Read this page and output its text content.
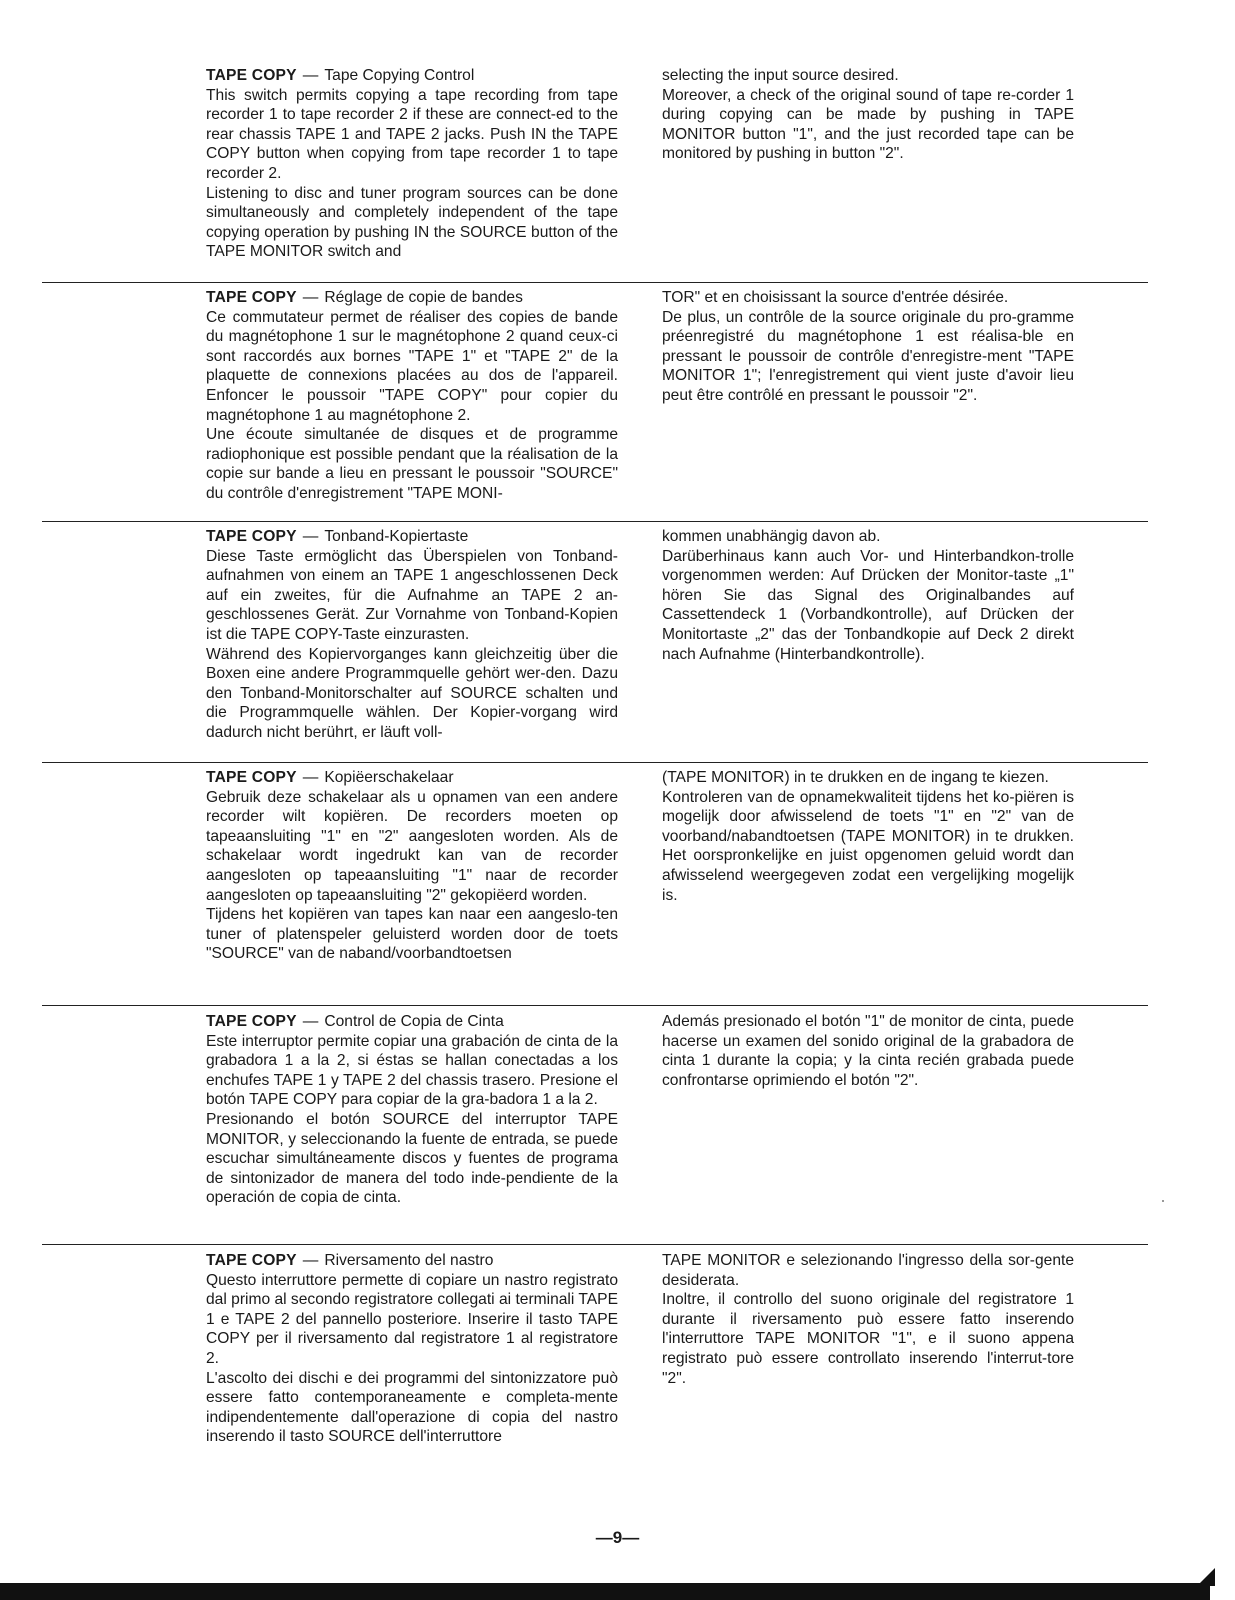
TAPE COPY — Tape Copying Control

This switch permits copying a tape recording from tape recorder 1 to tape recorder 2 if these are connect-ed to the rear chassis TAPE 1 and TAPE 2 jacks. Push IN the TAPE COPY button when copying from tape recorder 1 to tape recorder 2.

Listening to disc and tuner program sources can be done simultaneously and completely independent of the tape copying operation by pushing IN the SOURCE button of the TAPE MONITOR switch and

selecting the input source desired.

Moreover, a check of the original sound of tape re-corder 1 during copying can be made by pushing in TAPE MONITOR button "1", and the just recorded tape can be monitored by pushing in button "2".

TAPE COPY — Réglage de copie de bandes

Ce commutateur permet de réaliser des copies de bande du magnétophone 1 sur le magnétophone 2 quand ceux-ci sont raccordés aux bornes "TAPE 1" et "TAPE 2" de la plaquette de connexions placées au dos de l'appareil. Enfoncer le poussoir "TAPE COPY" pour copier du magnétophone 1 au magnétophone 2.

Une écoute simultanée de disques et de programme radiophonique est possible pendant que la réalisation de la copie sur bande a lieu en pressant le poussoir "SOURCE" du contrôle d'enregistrement "TAPE MONI-

TOR" et en choisissant la source d'entrée désirée.

De plus, un contrôle de la source originale du pro-gramme préenregistré du magnétophone 1 est réalisa-ble en pressant le poussoir de contrôle d'enregistre-ment "TAPE MONITOR 1"; l'enregistrement qui vient juste d'avoir lieu peut être contrôlé en pressant le poussoir "2".

TAPE COPY — Tonband-Kopiertaste

Diese Taste ermöglicht das Überspielen von Tonband-aufnahmen von einem an TAPE 1 angeschlossenen Deck auf ein zweites, für die Aufnahme an TAPE 2 an-geschlossenes Gerät. Zur Vornahme von Tonband-Kopien ist die TAPE COPY-Taste einzurasten.

Während des Kopiervorganges kann gleichzeitig über die Boxen eine andere Programmquelle gehört wer-den. Dazu den Tonband-Monitorschalter auf SOURCE schalten und die Programmquelle wählen. Der Kopier-vorgang wird dadurch nicht berührt, er läuft voll-

kommen unabhängig davon ab.

Darüberhinaus kann auch Vor- und Hinterbandkon-trolle vorgenommen werden: Auf Drücken der Monitor-taste „1" hören Sie das Signal des Originalbandes auf Cassettendeck 1 (Vorbandkontrolle), auf Drücken der Monitortaste „2" das der Tonbandkopie auf Deck 2 direkt nach Aufnahme (Hinterbandkontrolle).

TAPE COPY — Kopiëerschakelaar

Gebruik deze schakelaar als u opnamen van een andere recorder wilt kopiëren. De recorders moeten op tapeaansluiting "1" en "2" aangesloten worden. Als de schakelaar wordt ingedrukt kan van de recorder aangesloten op tapeaansluiting "1" naar de recorder aangesloten op tapeaansluiting "2" gekopiëerd worden.

Tijdens het kopiëren van tapes kan naar een aangeslo-ten tuner of platenspeler geluisterd worden door de toets "SOURCE" van de naband/voorbandtoetsen

(TAPE MONITOR) in te drukken en de ingang te kiezen.

Kontroleren van de opnamekwaliteit tijdens het ko-piëren is mogelijk door afwisselend de toets "1" en "2" van de voorband/nabandtoetsen (TAPE MONITOR) in te drukken. Het oorspronkelijke en juist opgenomen geluid wordt dan afwisselend weergegeven zodat een vergelijking mogelijk is.

TAPE COPY — Control de Copia de Cinta

Este interruptor permite copiar una grabación de cinta de la grabadora 1 a la 2, si éstas se hallan conectadas a los enchufes TAPE 1 y TAPE 2 del chassis trasero. Presione el botón TAPE COPY para copiar de la gra-badora 1 a la 2.

Presionando el botón SOURCE del interruptor TAPE MONITOR, y seleccionando la fuente de entrada, se puede escuchar simultáneamente discos y fuentes de programa de sintonizador de manera del todo inde-pendiente de la operación de copia de cinta.

Además presionado el botón "1" de monitor de cinta, puede hacerse un examen del sonido original de la grabadora de cinta 1 durante la copia; y la cinta recién grabada puede confrontarse oprimiendo el botón "2".

TAPE COPY — Riversamento del nastro

Questo interruttore permette di copiare un nastro registrato dal primo al secondo registratore collegati ai terminali TAPE 1 e TAPE 2 del pannello posteriore. Inserire il tasto TAPE COPY per il riversamento dal registratore 1 al registratore 2.

L'ascolto dei dischi e dei programmi del sintonizzatore può essere fatto contemporaneamente e completa-mente indipendentemente dall'operazione di copia del nastro inserendo il tasto SOURCE dell'interruttore

TAPE MONITOR e selezionando l'ingresso della sor-gente desiderata.

Inoltre, il controllo del suono originale del registratore 1 durante il riversamento può essere fatto inserendo l'interruttore TAPE MONITOR "1", e il suono appena registrato può essere controllato inserendo l'interrut-tore "2".

—9—
